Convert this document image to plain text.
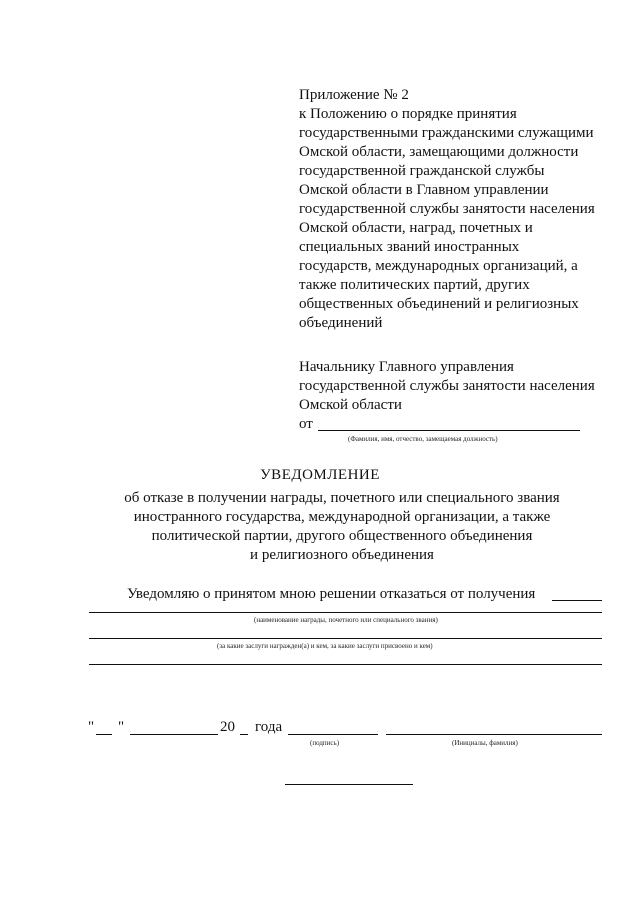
Приложение № 2
к Положению о порядке принятия
государственными гражданскими служащими
Омской области, замещающими должности
государственной гражданской службы
Омской области в Главном управлении
государственной службы занятости населения
Омской области, наград, почетных и
специальных званий иностранных
государств, международных организаций, а
также политических партий, других
общественных объединений и религиозных
объединений
Начальнику Главного управления
государственной службы занятости населения
Омской области
от
(Фамилия, имя, отчество, замещаемая должность)
УВЕДОМЛЕНИЕ
об отказе в получении награды, почетного или специального звания
иностранного государства, международной организации, а также
политической партии, другого общественного объединения
и религиозного объединения
Уведомляю о принятом мною решении отказаться от получения
(наименование награды, почетного или специального звания)
(за какие заслуги награжден(а) и кем, за какие заслуги присвоено и кем)
" "	20 года
(подпись)	(Инициалы, фамилия)
